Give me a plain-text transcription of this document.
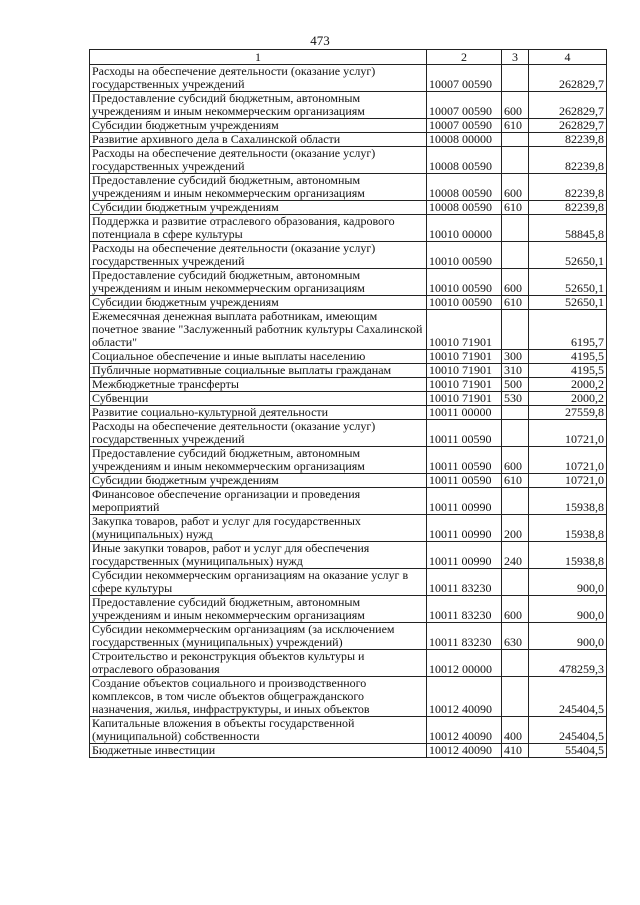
473
1	2	3	4
Расходы на обеспечение деятельности (оказание услуг) государственных учреждений	10007 00590		262829,7
Предоставление субсидий бюджетным, автономным учреждениям и иным некоммерческим организациям	10007 00590	600	262829,7
Субсидии бюджетным учреждениям	10007 00590	610	262829,7
Развитие архивного дела в Сахалинской области	10008 00000		82239,8
Расходы на обеспечение деятельности (оказание услуг) государственных учреждений	10008 00590		82239,8
Предоставление субсидий бюджетным, автономным учреждениям и иным некоммерческим организациям	10008 00590	600	82239,8
Субсидии бюджетным учреждениям	10008 00590	610	82239,8
Поддержка и развитие отраслевого образования, кадрового потенциала в сфере культуры	10010 00000		58845,8
Расходы на обеспечение деятельности (оказание услуг) государственных учреждений	10010 00590		52650,1
Предоставление субсидий бюджетным, автономным учреждениям и иным некоммерческим организациям	10010 00590	600	52650,1
Субсидии бюджетным учреждениям	10010 00590	610	52650,1
Ежемесячная денежная выплата работникам, имеющим почетное звание "Заслуженный работник культуры Сахалинской области"	10010 71901		6195,7
Социальное обеспечение и иные выплаты населению	10010 71901	300	4195,5
Публичные нормативные социальные выплаты гражданам	10010 71901	310	4195,5
Межбюджетные трансферты	10010 71901	500	2000,2
Субвенции	10010 71901	530	2000,2
Развитие социально-культурной деятельности	10011 00000		27559,8
Расходы на обеспечение деятельности (оказание услуг) государственных учреждений	10011 00590		10721,0
Предоставление субсидий бюджетным, автономным учреждениям и иным некоммерческим организациям	10011 00590	600	10721,0
Субсидии бюджетным учреждениям	10011 00590	610	10721,0
Финансовое обеспечение организации и проведения мероприятий	10011 00990		15938,8
Закупка товаров, работ и услуг для государственных (муниципальных) нужд	10011 00990	200	15938,8
Иные закупки товаров, работ и услуг для обеспечения государственных (муниципальных) нужд	10011 00990	240	15938,8
Субсидии некоммерческим организациям на оказание услуг в сфере культуры	10011 83230		900,0
Предоставление субсидий бюджетным, автономным учреждениям и иным некоммерческим организациям	10011 83230	600	900,0
Субсидии некоммерческим организациям (за исключением государственных (муниципальных) учреждений)	10011 83230	630	900,0
Строительство и реконструкция объектов культуры и отраслевого образования	10012 00000		478259,3
Создание объектов социального и производственного комплексов, в том числе объектов общегражданского назначения, жилья, инфраструктуры, и иных объектов	10012 40090		245404,5
Капитальные вложения в объекты государственной (муниципальной) собственности	10012 40090	400	245404,5
Бюджетные инвестиции	10012 40090	410	55404,5
